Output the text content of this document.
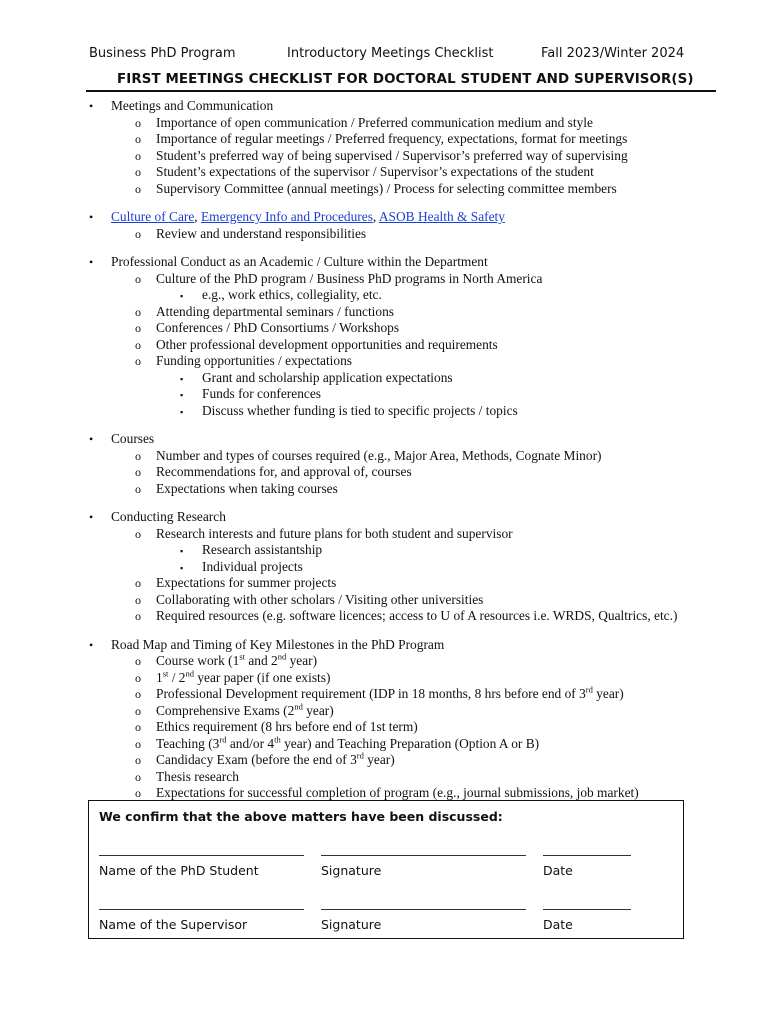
Business PhD Program	Introductory Meetings Checklist	Fall 2023/Winter 2024
FIRST MEETINGS CHECKLIST FOR DOCTORAL STUDENT AND SUPERVISOR(S)
• Meetings and Communication
o Importance of open communication / Preferred communication medium and style
o Importance of regular meetings / Preferred frequency, expectations, format for meetings
o Student’s preferred way of being supervised / Supervisor’s preferred way of supervising
o Student’s expectations of the supervisor / Supervisor’s expectations of the student
o Supervisory Committee (annual meetings) / Process for selecting committee members
• Culture of Care, Emergency Info and Procedures, ASOB Health & Safety
o Review and understand responsibilities
• Professional Conduct as an Academic / Culture within the Department
o Culture of the PhD program / Business PhD programs in North America
▪ e.g., work ethics, collegiality, etc.
o Attending departmental seminars / functions
o Conferences / PhD Consortiums / Workshops
o Other professional development opportunities and requirements
o Funding opportunities / expectations
▪ Grant and scholarship application expectations
▪ Funds for conferences
▪ Discuss whether funding is tied to specific projects / topics
• Courses
o Number and types of courses required (e.g., Major Area, Methods, Cognate Minor)
o Recommendations for, and approval of, courses
o Expectations when taking courses
• Conducting Research
o Research interests and future plans for both student and supervisor
▪ Research assistantship
▪ Individual projects
o Expectations for summer projects
o Collaborating with other scholars / Visiting other universities
o Required resources (e.g. software licences; access to U of A resources i.e. WRDS, Qualtrics, etc.)
• Road Map and Timing of Key Milestones in the PhD Program
o Course work (1st and 2nd year)
o 1st / 2nd year paper (if one exists)
o Professional Development requirement (IDP in 18 months, 8 hrs before end of 3rd year)
o Comprehensive Exams (2nd year)
o Ethics requirement (8 hrs before end of 1st term)
o Teaching (3rd and/or 4th year) and Teaching Preparation (Option A or B)
o Candidacy Exam (before the end of 3rd year)
o Thesis research
o Expectations for successful completion of program (e.g., journal submissions, job market)
We confirm that the above matters have been discussed:
Name of the PhD Student	Signature	Date
Name of the Supervisor	Signature	Date
